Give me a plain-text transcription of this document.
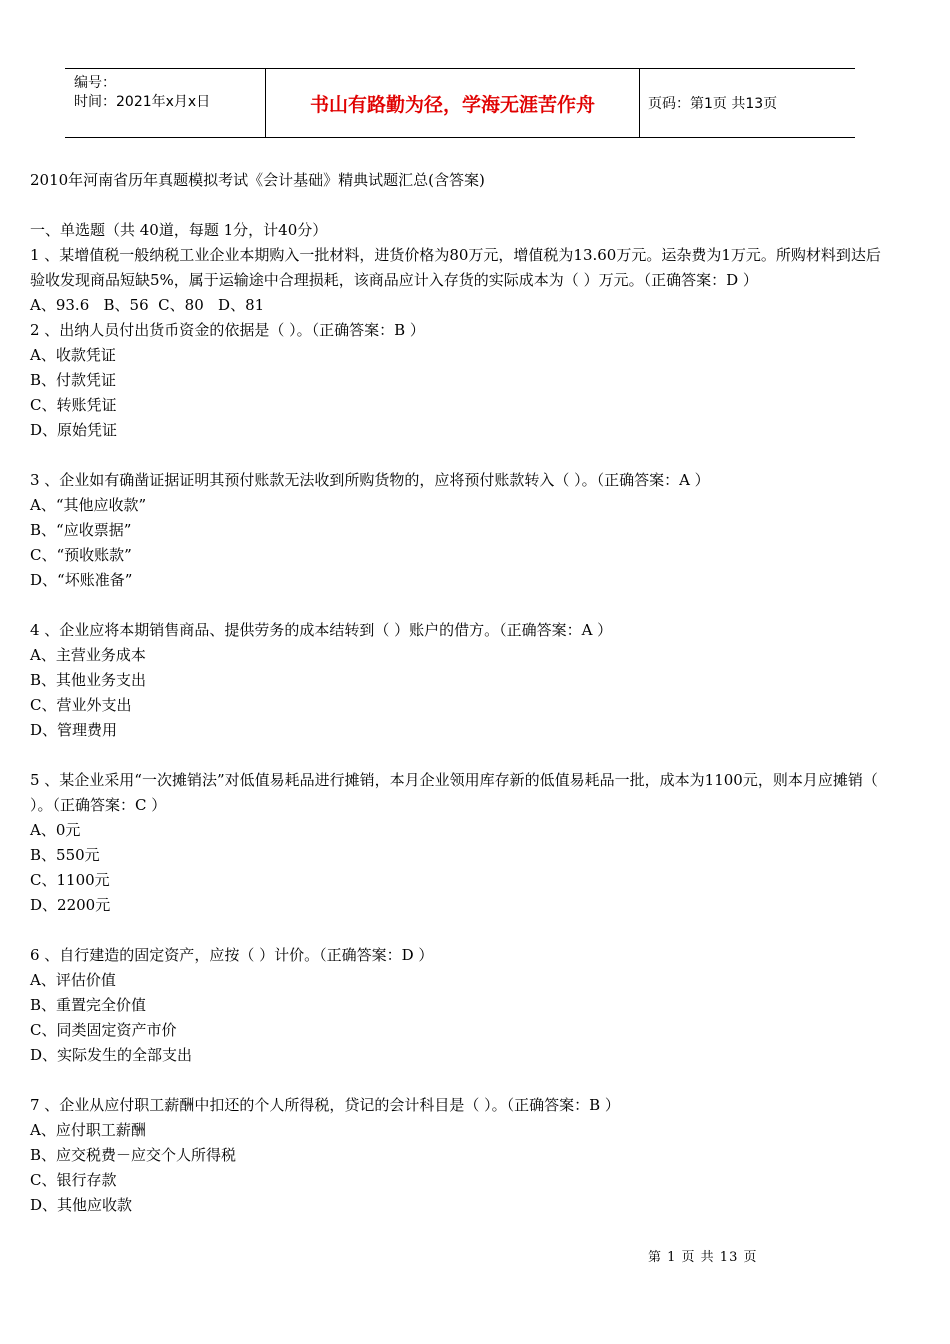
编号：
时间：2021年x月x日	书山有路勤为径，学海无涯苦作舟	页码：第1页 共13页

2010年河南省历年真题模拟考试《会计基础》精典试题汇总(含答案)

一、单选题（共 40道，每题 1分，计40分）

1 、某增值税一般纳税工业企业本期购入一批材料，进货价格为80万元，增值税为13.60万元。运杂费为1万元。所购材料到达后验收发现商品短缺5%，属于运输途中合理损耗，该商品应计入存货的实际成本为（ ）万元。（正确答案：D ）

A、93.6   B、56  C、80   D、81

2 、出纳人员付出货币资金的依据是（ ）。（正确答案：B ）

A、收款凭证

B、付款凭证

C、转账凭证

D、原始凭证

3 、企业如有确凿证据证明其预付账款无法收到所购货物的，应将预付账款转入（ ）。（正确答案：A ）

A、“其他应收款”

B、“应收票据”

C、“预收账款”

D、“坏账准备”

4 、企业应将本期销售商品、提供劳务的成本结转到（ ）账户的借方。（正确答案：A ）

A、主营业务成本

B、其他业务支出

C、营业外支出

D、管理费用

5 、某企业采用“一次摊销法”对低值易耗品进行摊销，本月企业领用库存新的低值易耗品一批，成本为1100元，则本月应摊销（ ）。（正确答案：C ）

A、0元

B、550元

C、1100元

D、2200元

6 、自行建造的固定资产，应按（ ）计价。（正确答案：D ）

A、评估价值

B、重置完全价值

C、同类固定资产市价

D、实际发生的全部支出

7 、企业从应付职工薪酬中扣还的个人所得税，贷记的会计科目是（ ）。（正确答案：B ）

A、应付职工薪酬

B、应交税费－应交个人所得税

C、银行存款

D、其他应收款

第 1 页 共 13 页
